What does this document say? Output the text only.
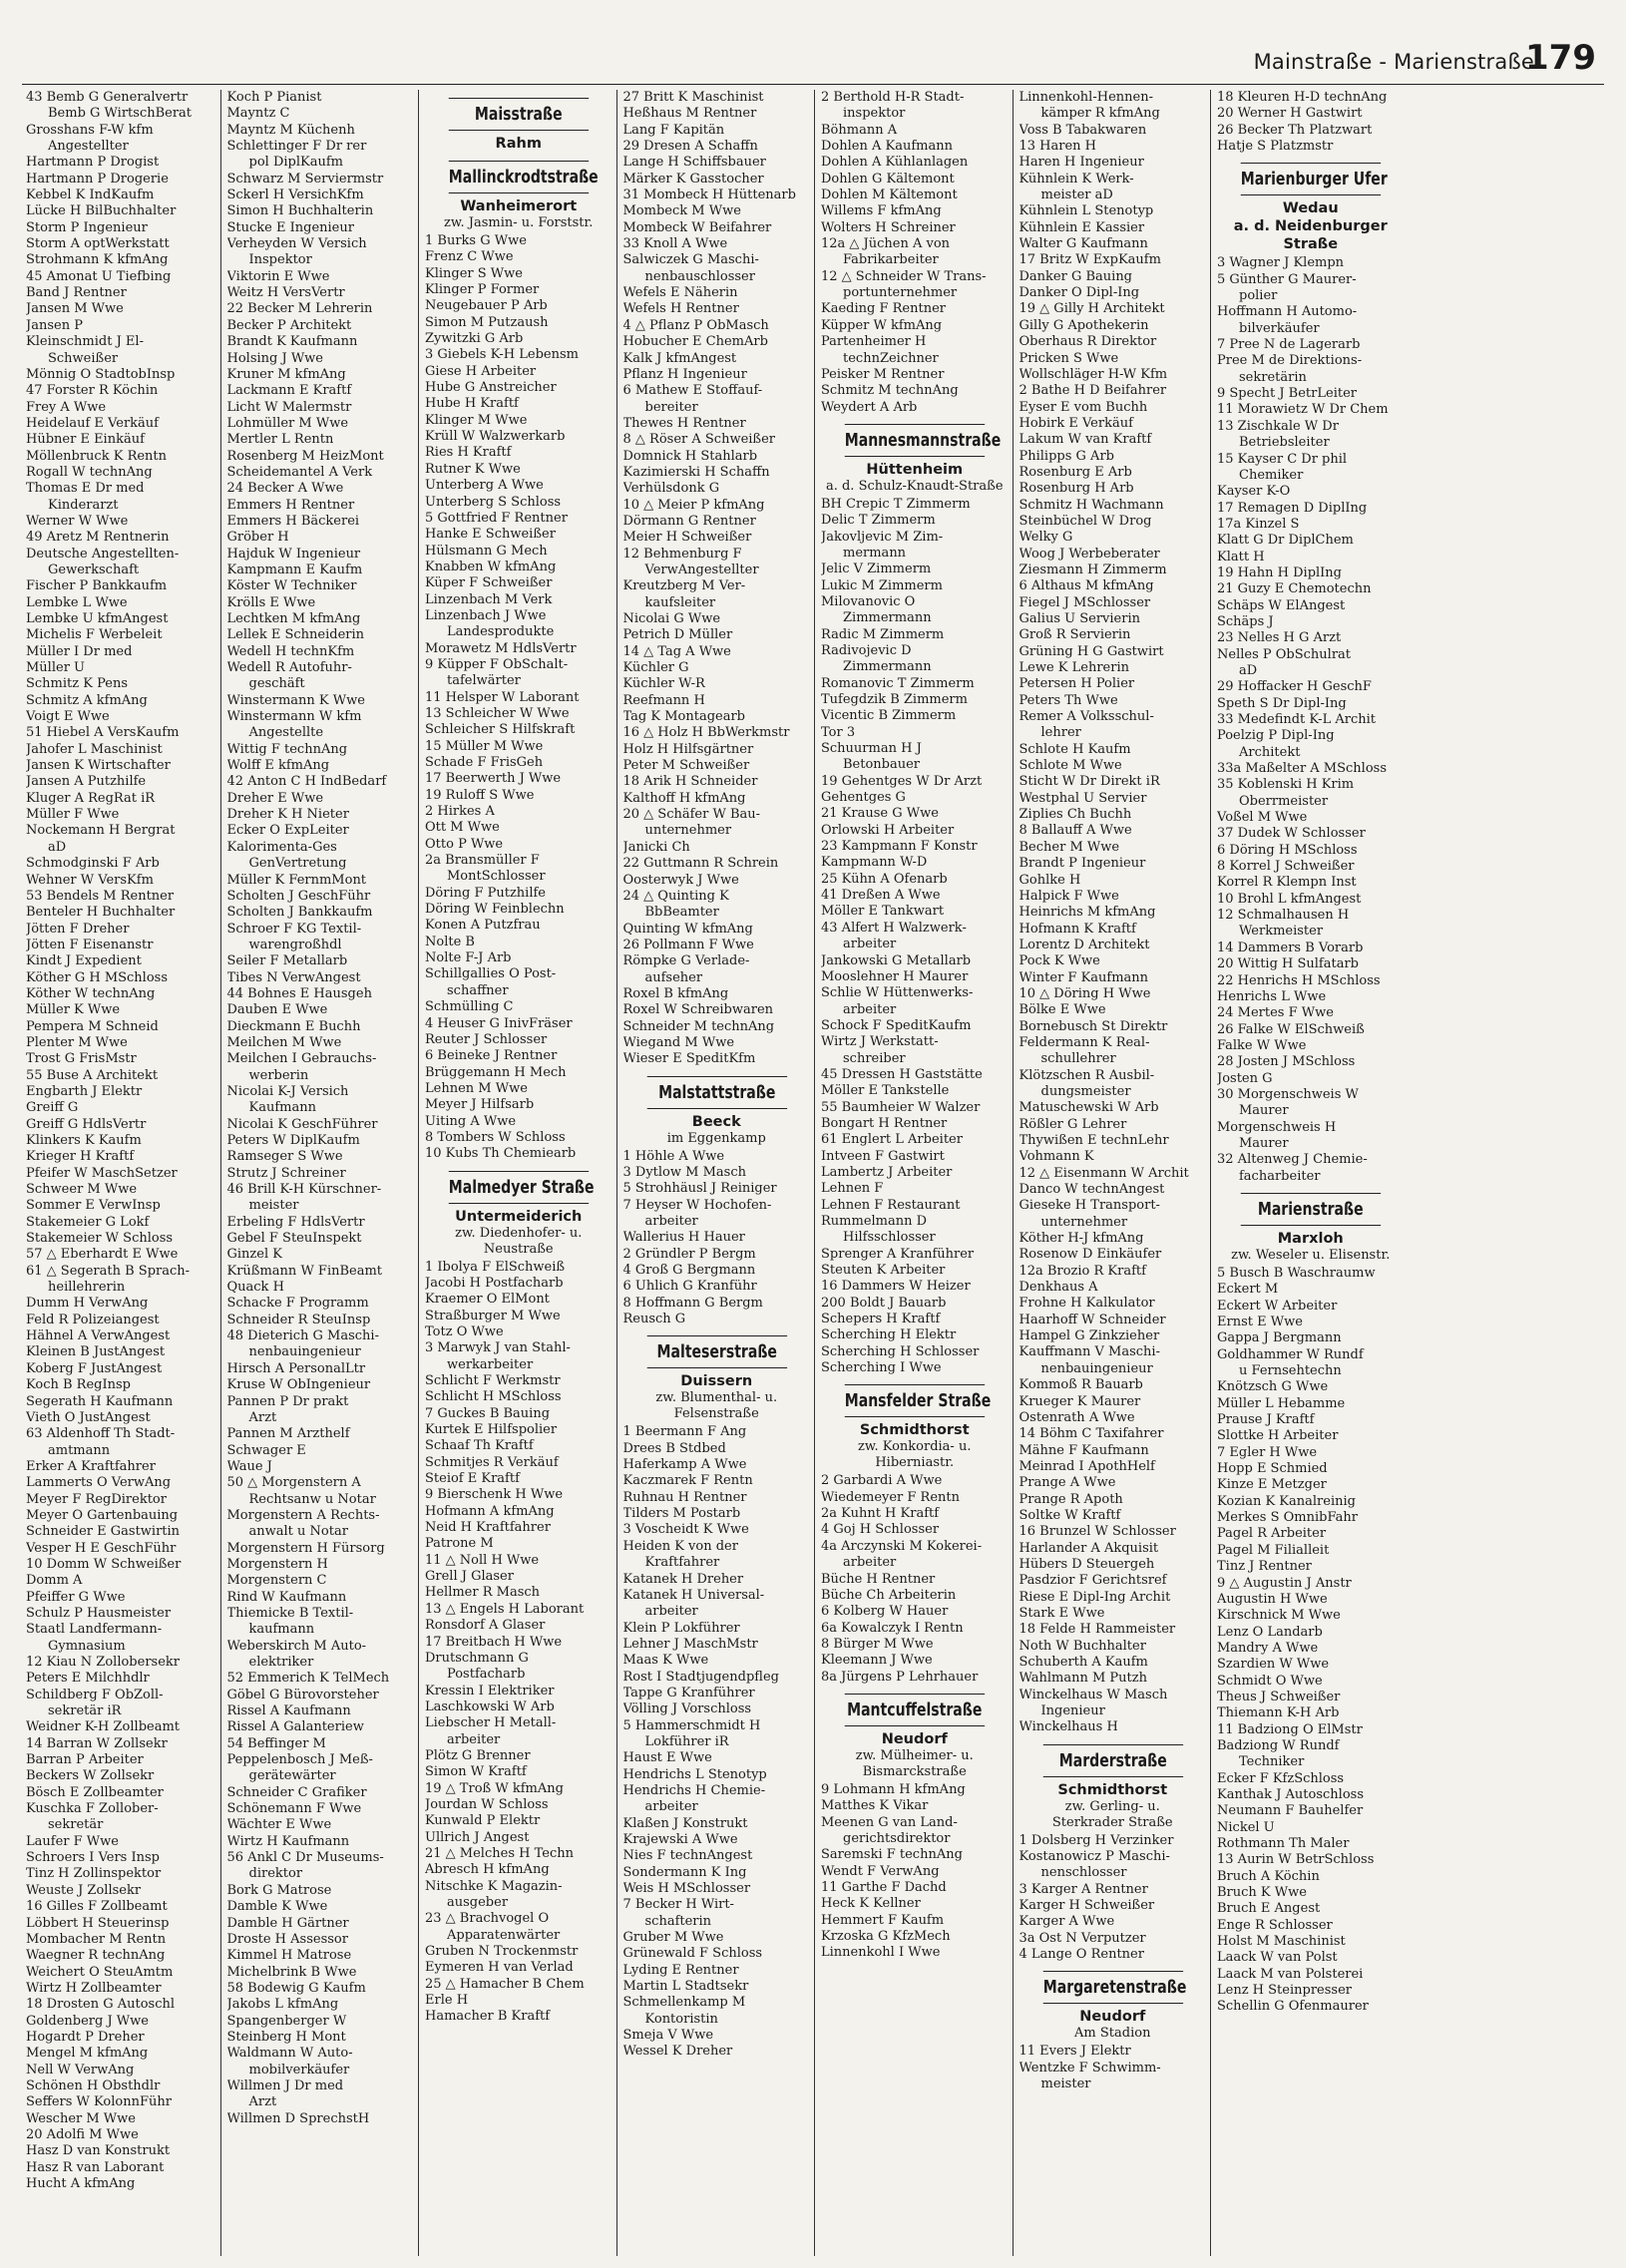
Mainstraße - Marienstraße
179
43 Bemb G Generalvertr
Bemb G WirtschBerat
Grosshans F-W kfm
Angestellter
Hartmann P Drogist
Hartmann P Drogerie
Kebbel K IndKaufm
Lücke H BilBuchhalter
Storm P Ingenieur
Storm A optWerkstatt
Strohmann K kfmAng
45 Amonat U Tiefbing
Band J Rentner
Jansen M Wwe
Jansen P
Kleinschmidt J El-
Schweißer
Mönnig O StadtobInsp
47 Forster R Köchin
Frey A Wwe
Heidelauf E Verkäuf
Hübner E Einkäuf
Möllenbruck K Rentn
Rogall W technAng
Thomas E Dr med
Kinderarzt
Werner W Wwe
49 Aretz M Rentnerin
Deutsche Angestellten-
Gewerkschaft
Fischer P Bankkaufm
Lembke L Wwe
Lembke U kfmAngest
Michelis F Werbeleit
Müller I Dr med
Müller U
Schmitz K Pens
Schmitz A kfmAng
Voigt E Wwe
51 Hiebel A VersKaufm
Jahofer L Maschinist
Jansen K Wirtschafter
Jansen A Putzhilfe
Kluger A RegRat iR
Müller F Wwe
Nockemann H Bergrat
aD
Schmodginski F Arb
Wehner W VersKfm
53 Bendels M Rentner
Benteler H Buchhalter
Jötten F Dreher
Jötten F Eisenanstr
Kindt J Expedient
Köther G H MSchloss
Köther W technAng
Müller K Wwe
Pempera M Schneid
Plenter M Wwe
Trost G FrisMstr
55 Buse A Architekt
Engbarth J Elektr
Greiff G
Greiff G HdlsVertr
Klinkers K Kaufm
Krieger H Kraftf
Pfeifer W MaschSetzer
Schweer M Wwe
Sommer E VerwInsp
Stakemeier G Lokf
Stakemeier W Schloss
57 △ Eberhardt E Wwe
61 △ Segerath B Sprach-
heillehrerin
Dumm H VerwAng
Feld R Polizeiangest
Hähnel A VerwAngest
Kleinen B JustAngest
Koberg F JustAngest
Koch B RegInsp
Segerath H Kaufmann
Vieth O JustAngest
63 Aldenhoff Th Stadt-
amtmann
Erker A Kraftfahrer
Lammerts O VerwAng
Meyer F RegDirektor
Meyer O Gartenbauing
Schneider E Gastwirtin
Vesper H E GeschFühr
10 Domm W Schweißer
Domm A
Pfeiffer G Wwe
Schulz P Hausmeister
Staatl Landfermann-
Gymnasium
12 Kiau N Zollobersekr
Peters E Milchhdlr
Schildberg F ObZoll-
sekretär iR
Weidner K-H Zollbeamt
14 Barran W Zollsekr
Barran P Arbeiter
Beckers W Zollsekr
Bösch E Zollbeamter
Kuschka F Zollober-
sekretär
Laufer F Wwe
Schroers I Vers Insp
Tinz H Zollinspektor
Weuste J Zollsekr
16 Gilles F Zollbeamt
Löbbert H Steuerinsp
Mombacher M Rentn
Waegner R technAng
Weichert O SteuAmtm
Wirtz H Zollbeamter
18 Drosten G Autoschl
Goldenberg J Wwe
Hogardt P Dreher
Mengel M kfmAng
Nell W VerwAng
Schönen H Obsthdlr
Seffers W KolonnFühr
Wescher M Wwe
20 Adolfi M Wwe
Hasz D van Konstrukt
Hasz R van Laborant
Hucht A kfmAng
Koch P Pianist
Mayntz C
Mayntz M Küchenh
Schlettinger F Dr rer
pol DiplKaufm
Schwarz M Serviermstr
Sckerl H VersichKfm
Simon H Buchhalterin
Stucke E Ingenieur
Verheyden W Versich
Inspektor
Viktorin E Wwe
Weitz H VersVertr
22 Becker M Lehrerin
Becker P Architekt
Brandt K Kaufmann
Holsing J Wwe
Kruner M kfmAng
Lackmann E Kraftf
Licht W Malermstr
Lohmüller M Wwe
Mertler L Rentn
Rosenberg M HeizMont
Scheidemantel A Verk
24 Becker A Wwe
Emmers H Rentner
Emmers H Bäckerei
Gröber H
Hajduk W Ingenieur
Kampmann E Kaufm
Köster W Techniker
Krölls E Wwe
Lechtken M kfmAng
Lellek E Schneiderin
Wedell H technKfm
Wedell R Autofuhr-
geschäft
Winstermann K Wwe
Winstermann W kfm
Angestellte
Wittig F technAng
Wolff E kfmAng
42 Anton C H IndBedarf
Dreher E Wwe
Dreher K H Nieter
Ecker O ExpLeiter
Kalorimenta-Ges
GenVertretung
Müller K FernmMont
Scholten J GeschFühr
Scholten J Bankkaufm
Schroer F KG Textil-
warengroßhdl
Seiler F Metallarb
Tibes N VerwAngest
44 Bohnes E Hausgeh
Dauben E Wwe
Dieckmann E Buchh
Meilchen M Wwe
Meilchen I Gebrauchs-
werberin
Nicolai K-J Versich
Kaufmann
Nicolai K GeschFührer
Peters W DiplKaufm
Ramseger S Wwe
Strutz J Schreiner
46 Brill K-H Kürschner-
meister
Erbeling F HdlsVertr
Gebel F SteuInspekt
Ginzel K
Krüßmann W FinBeamt
Quack H
Schacke F Programm
Schneider R SteuInsp
48 Dieterich G Maschi-
nenbauingenieur
Hirsch A PersonalLtr
Kruse W ObIngenieur
Pannen P Dr prakt
Arzt
Pannen M Arzthelf
Schwager E
Waue J
50 △ Morgenstern A
Rechtsanw u Notar
Morgenstern A Rechts-
anwalt u Notar
Morgenstern H Fürsorg
Morgenstern H
Morgenstern C
Rind W Kaufmann
Thiemicke B Textil-
kaufmann
Weberskirch M Auto-
elektriker
52 Emmerich K TelMech
Göbel G Bürovorsteher
Rissel A Kaufmann
Rissel A Galanteriew
54 Beffinger M
Peppelenbosch J Meß-
gerätewärter
Schneider C Grafiker
Schönemann F Wwe
Wächter E Wwe
Wirtz H Kaufmann
56 Ankl C Dr Museums-
direktor
Bork G Matrose
Damble K Wwe
Damble H Gärtner
Droste H Assessor
Kimmel H Matrose
Michelbrink B Wwe
58 Bodewig G Kaufm
Jakobs L kfmAng
Spangenberger W
Steinberg H Mont
Waldmann W Auto-
mobilverkäufer
Willmen J Dr med
Arzt
Willmen D SprechstH
Maisstraße
Rahm
Mallinckrodtstraße
Wanheimerort
zw. Jasmin- u. Forststr.
1 Burks G Wwe
Frenz C Wwe
Klinger S Wwe
Klinger P Former
Neugebauer P Arb
Simon M Putzaush
Zywitzki G Arb
3 Giebels K-H Lebensm
Giese H Arbeiter
Hube G Anstreicher
Hube H Kraftf
Klinger M Wwe
Krüll W Walzwerkarb
Ries H Kraftf
Rutner K Wwe
Unterberg A Wwe
Unterberg S Schloss
5 Gottfried F Rentner
Hanke E Schweißer
Hülsmann G Mech
Knabben W kfmAng
Küper F Schweißer
Linzenbach M Verk
Linzenbach J Wwe
Landesprodukte
Morawetz M HdlsVertr
9 Küpper F ObSchalt-
tafelwärter
11 Helsper W Laborant
13 Schleicher W Wwe
Schleicher S Hilfskraft
15 Müller M Wwe
Schade F FrisGeh
17 Beerwerth J Wwe
19 Ruloff S Wwe
2 Hirkes A
Ott M Wwe
Otto P Wwe
2a Bransmüller F
MontSchlosser
Döring F Putzhilfe
Döring W Feinblechn
Konen A Putzfrau
Nolte B
Nolte F-J Arb
Schillgallies O Post-
schaffner
Schmülling C
4 Heuser G InivFräser
Reuter J Schlosser
6 Beineke J Rentner
Brüggemann H Mech
Lehnen M Wwe
Meyer J Hilfsarb
Uiting A Wwe
8 Tombers W Schloss
10 Kubs Th Chemiearb
Malmedyer Straße
Untermeiderich
zw. Diedenhofer- u.
Neustraße
1 Ibolya F ElSchweiß
Jacobi H Postfacharb
Kraemer O ElMont
Straßburger M Wwe
Totz O Wwe
3 Marwyk J van Stahl-
werkarbeiter
Schlicht F Werkmstr
Schlicht H MSchloss
7 Guckes B Bauing
Kurtek E Hilfspolier
Schaaf Th Kraftf
Schmitjes R Verkäuf
Steiof E Kraftf
9 Bierschenk H Wwe
Hofmann A kfmAng
Neid H Kraftfahrer
Patrone M
11 △ Noll H Wwe
Grell J Glaser
Hellmer R Masch
13 △ Engels H Laborant
Ronsdorf A Glaser
17 Breitbach H Wwe
Drutschmann G
Postfacharb
Kressin I Elektriker
Laschkowski W Arb
Liebscher H Metall-
arbeiter
Plötz G Brenner
Simon W Kraftf
19 △ Troß W kfmAng
Jourdan W Schloss
Kunwald P Elektr
Ullrich J Angest
21 △ Melches H Techn
Abresch H kfmAng
Nitschke K Magazin-
ausgeber
23 △ Brachvogel O
Apparatenwärter
Gruben N Trockenmstr
Eymeren H van Verlad
25 △ Hamacher B Chem
Erle H
Hamacher B Kraftf
27 Britt K Maschinist
Heßhaus M Rentner
Lang F Kapitän
29 Dresen A Schaffn
Lange H Schiffsbauer
Märker K Gasstocher
31 Mombeck H Hüttenarb
Mombeck M Wwe
Mombeck W Beifahrer
33 Knoll A Wwe
Salwiczek G Maschi-
nenbauschlosser
Wefels E Näherin
Wefels H Rentner
4 △ Pflanz P ObMasch
Hobucher E ChemArb
Kalk J kfmAngest
Pflanz H Ingenieur
6 Mathew E Stoffauf-
bereiter
Thewes H Rentner
8 △ Röser A Schweißer
Domnick H Stahlarb
Kazimierski H Schaffn
Verhülsdonk G
10 △ Meier P kfmAng
Dörmann G Rentner
Meier H Schweißer
12 Behmenburg F
VerwAngestellter
Kreutzberg M Ver-
kaufsleiter
Nicolai G Wwe
Petrich D Müller
14 △ Tag A Wwe
Küchler G
Küchler W-R
Reefmann H
Tag K Montagearb
16 △ Holz H BbWerkmstr
Holz H Hilfsgärtner
Peter M Schweißer
18 Arik H Schneider
Kalthoff H kfmAng
20 △ Schäfer W Bau-
unternehmer
Janicki Ch
22 Guttmann R Schrein
Oosterwyk J Wwe
24 △ Quinting K
BbBeamter
Quinting W kfmAng
26 Pollmann F Wwe
Römpke G Verlade-
aufseher
Roxel B kfmAng
Roxel W Schreibwaren
Schneider M technAng
Wiegand M Wwe
Wieser E SpeditKfm
Malstattstraße
Beeck
im Eggenkamp
1 Höhle A Wwe
3 Dytlow M Masch
5 Strohhäusl J Reiniger
7 Heyser W Hochofen-
arbeiter
Wallerius H Hauer
2 Gründler P Bergm
4 Groß G Bergmann
6 Uhlich G Kranführ
8 Hoffmann G Bergm
Reusch G
Malteserstraße
Duissern
zw. Blumenthal- u.
Felsenstraße
1 Beermann F Ang
Drees B Stdbed
Haferkamp A Wwe
Kaczmarek F Rentn
Ruhnau H Rentner
Tilders M Postarb
3 Voscheidt K Wwe
Heiden K von der
Kraftfahrer
Katanek H Dreher
Katanek H Universal-
arbeiter
Klein P Lokführer
Lehner J MaschMstr
Maas K Wwe
Rost I Stadtjugendpfleg
Tappe G Kranführer
Völling J Vorschloss
5 Hammerschmidt H
Lokführer iR
Haust E Wwe
Hendrichs L Stenotyp
Hendrichs H Chemie-
arbeiter
Klaßen J Konstrukt
Krajewski A Wwe
Nies F technAngest
Sondermann K Ing
Weis H MSchlosser
7 Becker H Wirt-
schafterin
Gruber M Wwe
Grünewald F Schloss
Lyding E Rentner
Martin L Stadtsekr
Schmellenkamp M
Kontoristin
Smeja V Wwe
Wessel K Dreher
2 Berthold H-R Stadt-
inspektor
Böhmann A
Dohlen A Kaufmann
Dohlen A Kühlanlagen
Dohlen G Kältemont
Dohlen M Kältemont
Willems F kfmAng
Wolters H Schreiner
12a △ Jüchen A von
Fabrikarbeiter
12 △ Schneider W Trans-
portunternehmer
Kaeding F Rentner
Küpper W kfmAng
Partenheimer H
technZeichner
Peisker M Rentner
Schmitz M technAng
Weydert A Arb
Mannesmannstraße
Hüttenheim
a. d. Schulz-Knaudt-Straße
BH Crepic T Zimmerm
Delic T Zimmerm
Jakovljevic M Zim-
mermann
Jelic V Zimmerm
Lukic M Zimmerm
Milovanovic O
Zimmermann
Radic M Zimmerm
Radivojevic D
Zimmermann
Romanovic T Zimmerm
Tufegdzik B Zimmerm
Vicentic B Zimmerm
Tor 3
Schuurman H J
Betonbauer
19 Gehentges W Dr Arzt
Gehentges G
21 Krause G Wwe
Orlowski H Arbeiter
23 Kampmann F Konstr
Kampmann W-D
25 Kühn A Ofenarb
41 Dreßen A Wwe
Möller E Tankwart
43 Alfert H Walzwerk-
arbeiter
Jankowski G Metallarb
Mooslehner H Maurer
Schlie W Hüttenwerks-
arbeiter
Schock F SpeditKaufm
Wirtz J Werkstatt-
schreiber
45 Dressen H Gaststätte
Möller E Tankstelle
55 Baumheier W Walzer
Bongart H Rentner
61 Englert L Arbeiter
Intveen F Gastwirt
Lambertz J Arbeiter
Lehnen F
Lehnen F Restaurant
Rummelmann D
Hilfsschlosser
Sprenger A Kranführer
Steuten K Arbeiter
16 Dammers W Heizer
200 Boldt J Bauarb
Schepers H Kraftf
Scherching H Elektr
Scherching H Schlosser
Scherching I Wwe
Mansfelder Straße
Schmidthorst
zw. Konkordia- u.
Hiberniastr.
2 Garbardi A Wwe
Wiedemeyer F Rentn
2a Kuhnt H Kraftf
4 Goj H Schlosser
4a Arczynski M Kokerei-
arbeiter
Büche H Rentner
Büche Ch Arbeiterin
6 Kolberg W Hauer
6a Kowalczyk I Rentn
8 Bürger M Wwe
Kleemann J Wwe
8a Jürgens P Lehrhauer
Mantcuffelstraße
Neudorf
zw. Mülheimer- u.
Bismarckstraße
9 Lohmann H kfmAng
Matthes K Vikar
Meenen G van Land-
gerichtsdirektor
Saremski F technAng
Wendt F VerwAng
11 Garthe F Dachd
Heck K Kellner
Hemmert F Kaufm
Krzoska G KfzMech
Linnenkohl I Wwe
Linnenkohl-Hennen-
kämper R kfmAng
Voss B Tabakwaren
13 Haren H
Haren H Ingenieur
Kühnlein K Werk-
meister aD
Kühnlein L Stenotyp
Kühnlein E Kassier
Walter G Kaufmann
17 Britz W ExpKaufm
Danker G Bauing
Danker O Dipl-Ing
19 △ Gilly H Architekt
Gilly G Apothekerin
Oberhaus R Direktor
Pricken S Wwe
Wollschläger H-W Kfm
2 Bathe H D Beifahrer
Eyser E vom Buchh
Hobirk E Verkäuf
Lakum W van Kraftf
Philipps G Arb
Rosenburg E Arb
Rosenburg H Arb
Schmitz H Wachmann
Steinbüchel W Drog
Welky G
Woog J Werbeberater
Ziesmann H Zimmerm
6 Althaus M kfmAng
Fiegel J MSchlosser
Galius U Servierin
Groß R Servierin
Grüning H G Gastwirt
Lewe K Lehrerin
Petersen H Polier
Peters Th Wwe
Remer A Volksschul-
lehrer
Schlote H Kaufm
Schlote M Wwe
Sticht W Dr Direkt iR
Westphal U Servier
Ziplies Ch Buchh
8 Ballauff A Wwe
Becher M Wwe
Brandt P Ingenieur
Gohlke H
Halpick F Wwe
Heinrichs M kfmAng
Hofmann K Kraftf
Lorentz D Architekt
Pock K Wwe
Winter F Kaufmann
10 △ Döring H Wwe
Bölke E Wwe
Bornebusch St Direktr
Feldermann K Real-
schullehrer
Klötzschen R Ausbil-
dungsmeister
Matuschewski W Arb
Rößler G Lehrer
Thywißen E technLehr
Vohmann K
12 △ Eisenmann W Archit
Danco W technAngest
Gieseke H Transport-
unternehmer
Köther H-J kfmAng
Rosenow D Einkäufer
12a Brozio R Kraftf
Denkhaus A
Frohne H Kalkulator
Haarhoff W Schneider
Hampel G Zinkzieher
Kauffmann V Maschi-
nenbauingenieur
Kommoß R Bauarb
Krueger K Maurer
Ostenrath A Wwe
14 Böhm C Taxifahrer
Mähne F Kaufmann
Meinrad I ApothHelf
Prange A Wwe
Prange R Apoth
Soltke W Kraftf
16 Brunzel W Schlosser
Harlander A Akquisit
Hübers D Steuergeh
Pasdzior F Gerichtsref
Riese E Dipl-Ing Archit
Stark E Wwe
18 Felde H Rammeister
Noth W Buchhalter
Schuberth A Kaufm
Wahlmann M Putzh
Winckelhaus W Masch
Ingenieur
Winckelhaus H
Marderstraße
Schmidthorst
zw. Gerling- u.
Sterkrader Straße
1 Dolsberg H Verzinker
Kostanowicz P Maschi-
nenschlosser
3 Karger A Rentner
Karger H Schweißer
Karger A Wwe
3a Ost N Verputzer
4 Lange O Rentner
Margaretenstraße
Neudorf
Am Stadion
11 Evers J Elektr
Wentzke F Schwimm-
meister
18 Kleuren H-D technAng
20 Werner H Gastwirt
26 Becker Th Platzwart
Hatje S Platzmstr
Marienburger Ufer
Wedau
a. d. Neidenburger Straße
3 Wagner J Klempn
5 Günther G Maurer-
polier
Hoffmann H Automo-
bilverkäufer
7 Pree N de Lagerarb
Pree M de Direktions-
sekretärin
9 Specht J BetrLeiter
11 Morawietz W Dr Chem
13 Zischkale W Dr
Betriebsleiter
15 Kayser C Dr phil
Chemiker
Kayser K-O
17 Remagen D DiplIng
17a Kinzel S
Klatt G Dr DiplChem
Klatt H
19 Hahn H DiplIng
21 Guzy E Chemotechn
Schäps W ElAngest
Schäps J
23 Nelles H G Arzt
Nelles P ObSchulrat
aD
29 Hoffacker H GeschF
Speth S Dr Dipl-Ing
33 Medefindt K-L Archit
Poelzig P Dipl-Ing
Architekt
33a Maßelter A MSchloss
35 Koblenski H Krim
Oberrmeister
Voßel M Wwe
37 Dudek W Schlosser
6 Döring H MSchloss
8 Korrel J Schweißer
Korrel R Klempn Inst
10 Brohl L kfmAngest
12 Schmalhausen H
Werkmeister
14 Dammers B Vorarb
20 Wittig H Sulfatarb
22 Henrichs H MSchloss
Henrichs L Wwe
24 Mertes F Wwe
26 Falke W ElSchweiß
Falke W Wwe
28 Josten J MSchloss
Josten G
30 Morgenschweis W
Maurer
Morgenschweis H
Maurer
32 Altenweg J Chemie-
facharbeiter
Marienstraße
Marxloh
zw. Weseler u. Elisenstr.
5 Busch B Waschraumw
Eckert M
Eckert W Arbeiter
Ernst E Wwe
Gappa J Bergmann
Goldhammer W Rundf
u Fernsehtechn
Knötzsch G Wwe
Müller L Hebamme
Prause J Kraftf
Slottke H Arbeiter
7 Egler H Wwe
Hopp E Schmied
Kinze E Metzger
Kozian K Kanalreinig
Merkes S OmnibFahr
Pagel R Arbeiter
Pagel M Filialleit
Tinz J Rentner
9 △ Augustin J Anstr
Augustin H Wwe
Kirschnick M Wwe
Lenz O Landarb
Mandry A Wwe
Szardien W Wwe
Schmidt O Wwe
Theus J Schweißer
Thiemann K-H Arb
11 Badziong O ElMstr
Badziong W Rundf
Techniker
Ecker F KfzSchloss
Kanthak J Autoschloss
Neumann F Bauhelfer
Nickel U
Rothmann Th Maler
13 Aurin W BetrSchloss
Bruch A Köchin
Bruch K Wwe
Bruch E Angest
Enge R Schlosser
Holst M Maschinist
Laack W van Polst
Laack M van Polsterei
Lenz H Steinpresser
Schellin G Ofenmaurer
